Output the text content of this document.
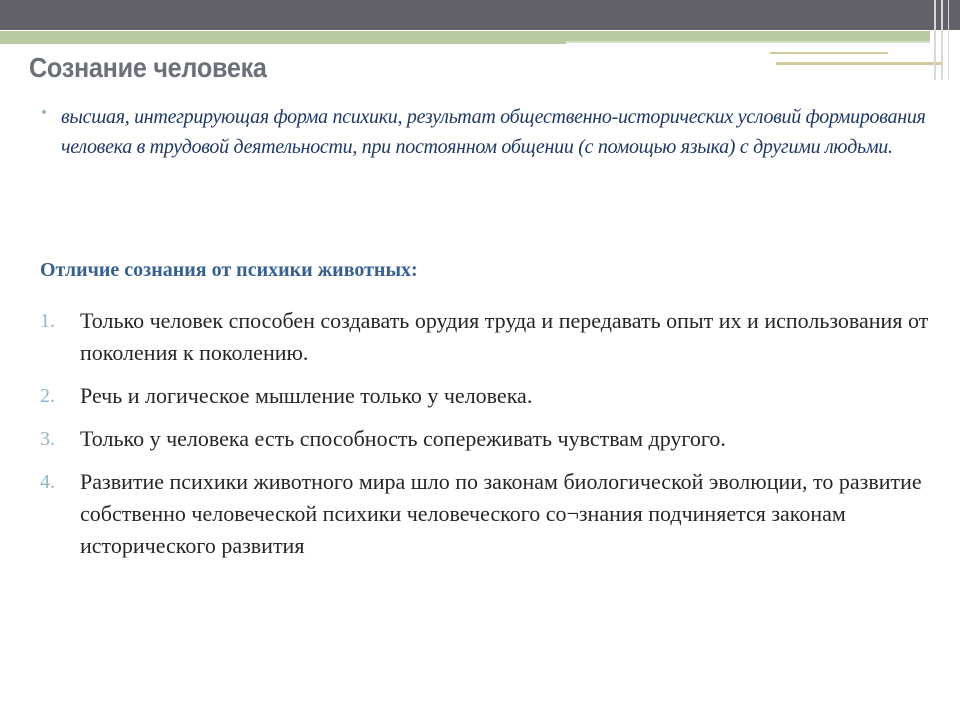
Сознание человека
• высшая, интегрирующая форма психики, результат общественно-исторических условий формирования человека в трудовой деятельности, при постоянном общении (с помощью языка) с другими людьми.

Отличие сознания от психики животных:
1. Только человек способен создавать орудия труда и передавать опыт их и использования от поколения к поколению.

2. Речь и логическое мышление только у человека.

3. Только у человека есть способность сопереживать чувствам другого.

4. Развитие психики животного мира шло по законам биологической эволюции, то развитие собственно человеческой психики человеческого со¬знания подчиняется законам исторического развития
